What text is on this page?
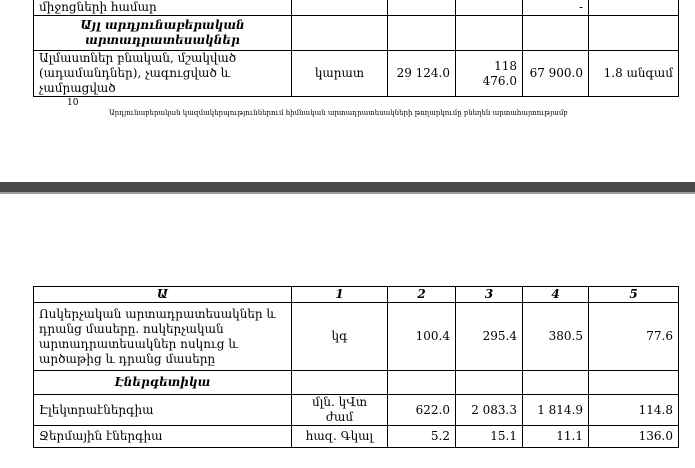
միջոցների համար				-	
Այլ արդյունաբերական արտադրատեսակներ					
Ալմաստներ բնական, մշակված (ադամանդներ), չագուցված և չամրացված	կարատ	29 124.0	118 476.0	67 900.0	1.8 անգամ
10
Արդյունաբերական կազմակերպություններում հիմնական արտադրատեսակների թողարկումը բնեղեն արտահայտությամբ
Ա	1	2	3	4	5
Ոսկերչական արտադրատեսակներ և դրանց մասերը. ոսկերչական արտադրատեսակներ ոսկուց և արծաթից և դրանց մասերը	կգ	100.4	295.4	380.5	77.6
Էներգետիկա					
Էլեկտրաէներգիա	մլն. կՎտ ժամ	622.0	2 083.3	1 814.9	114.8
Ջերմային էներգիա	հազ. Գկալ	5.2	15.1	11.1	136.0
